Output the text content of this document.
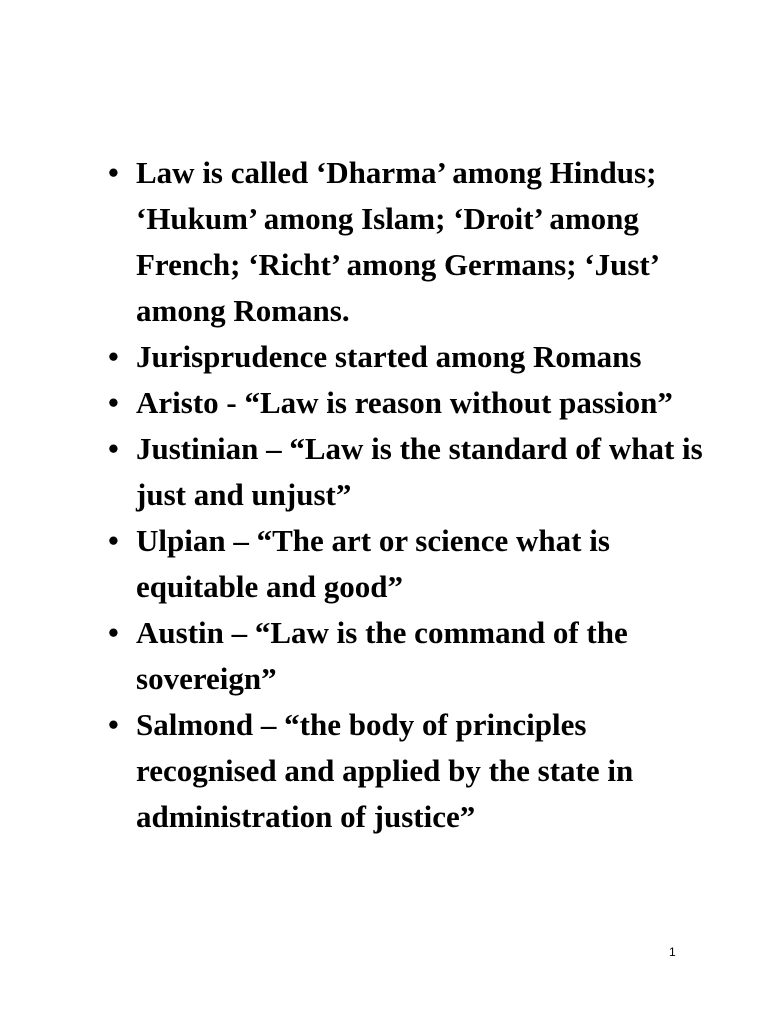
• Law is called ‘Dharma’ among Hindus; ‘Hukum’ among Islam; ‘Droit’ among French; ‘Richt’ among Germans; ‘Just’ among Romans.
• Jurisprudence started among Romans
• Aristo - “Law is reason without passion”
• Justinian – “Law is the standard of what is just and unjust”
• Ulpian – “The art or science what is equitable and good”
• Austin – “Law is the command of the sovereign”
• Salmond – “the body of principles recognised and applied by the state in administration of justice”
1
